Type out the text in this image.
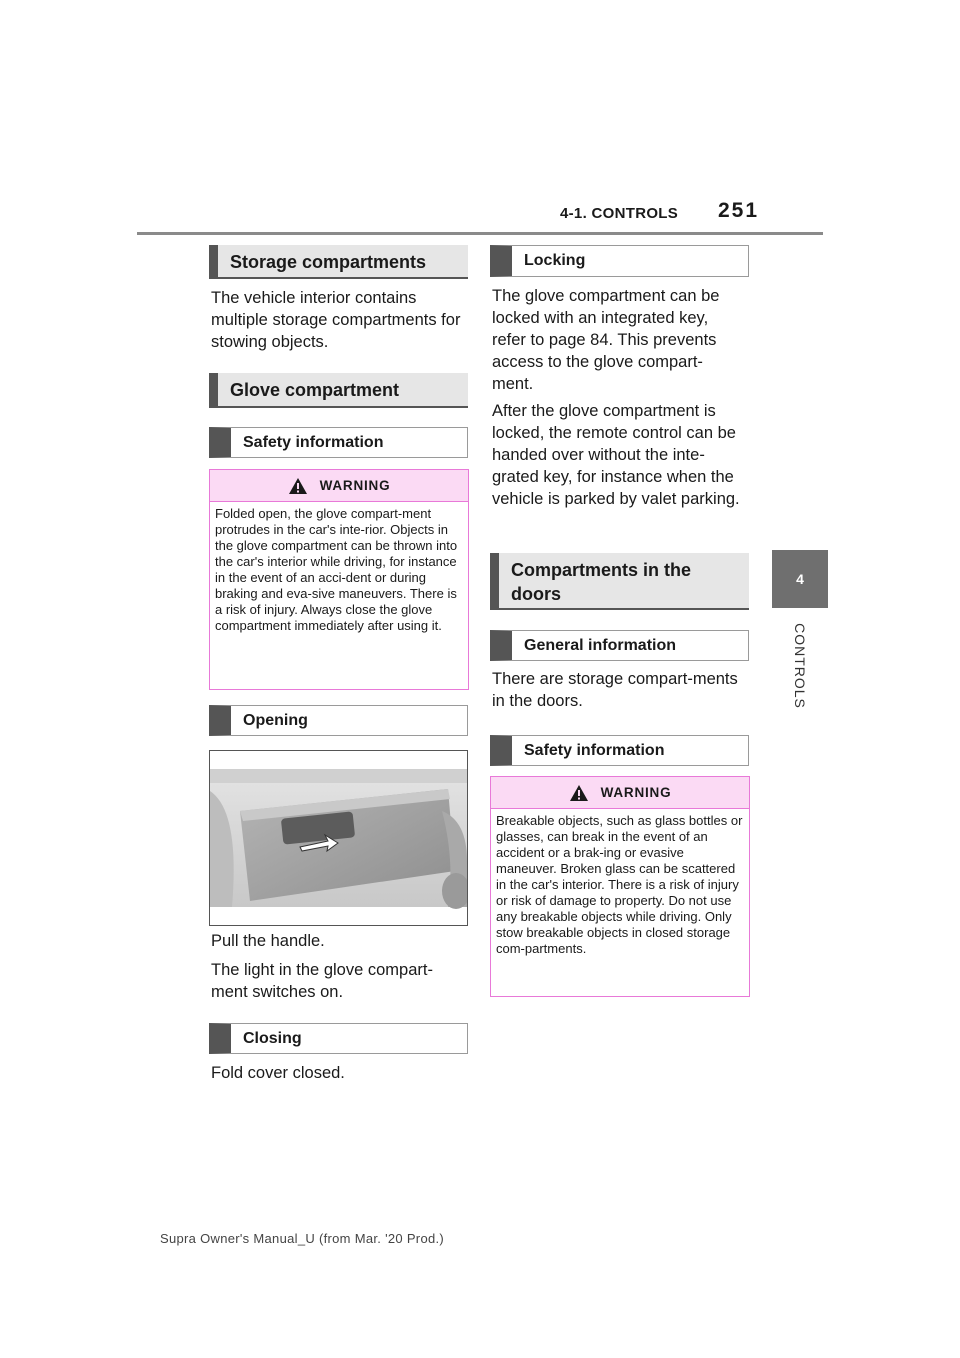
4-1. CONTROLS 251
4
CONTROLS
Storage compartments
The vehicle interior contains multiple storage compartments for stowing objects.
Glove compartment
Safety information
WARNING
Folded open, the glove compart-ment protrudes in the car's inte-rior. Objects in the glove compartment can be thrown into the car's interior while driving, for instance in the event of an acci-dent or during braking and eva-sive maneuvers. There is a risk of injury. Always close the glove compartment immediately after using it.
Opening
Pull the handle.
The light in the glove compart-ment switches on.
Closing
Fold cover closed.
Locking
The glove compartment can be locked with an integrated key, refer to page 84. This prevents access to the glove compart-ment.
After the glove compartment is locked, the remote control can be handed over without the inte-grated key, for instance when the vehicle is parked by valet parking.
Compartments in the doors
General information
There are storage compart-ments in the doors.
Safety information
WARNING
Breakable objects, such as glass bottles or glasses, can break in the event of an accident or a brak-ing or evasive maneuver. Broken glass can be scattered in the car's interior. There is a risk of injury or risk of damage to property. Do not use any breakable objects while driving. Only stow breakable objects in closed storage com-partments.
Supra Owner's Manual_U (from Mar. '20 Prod.)
